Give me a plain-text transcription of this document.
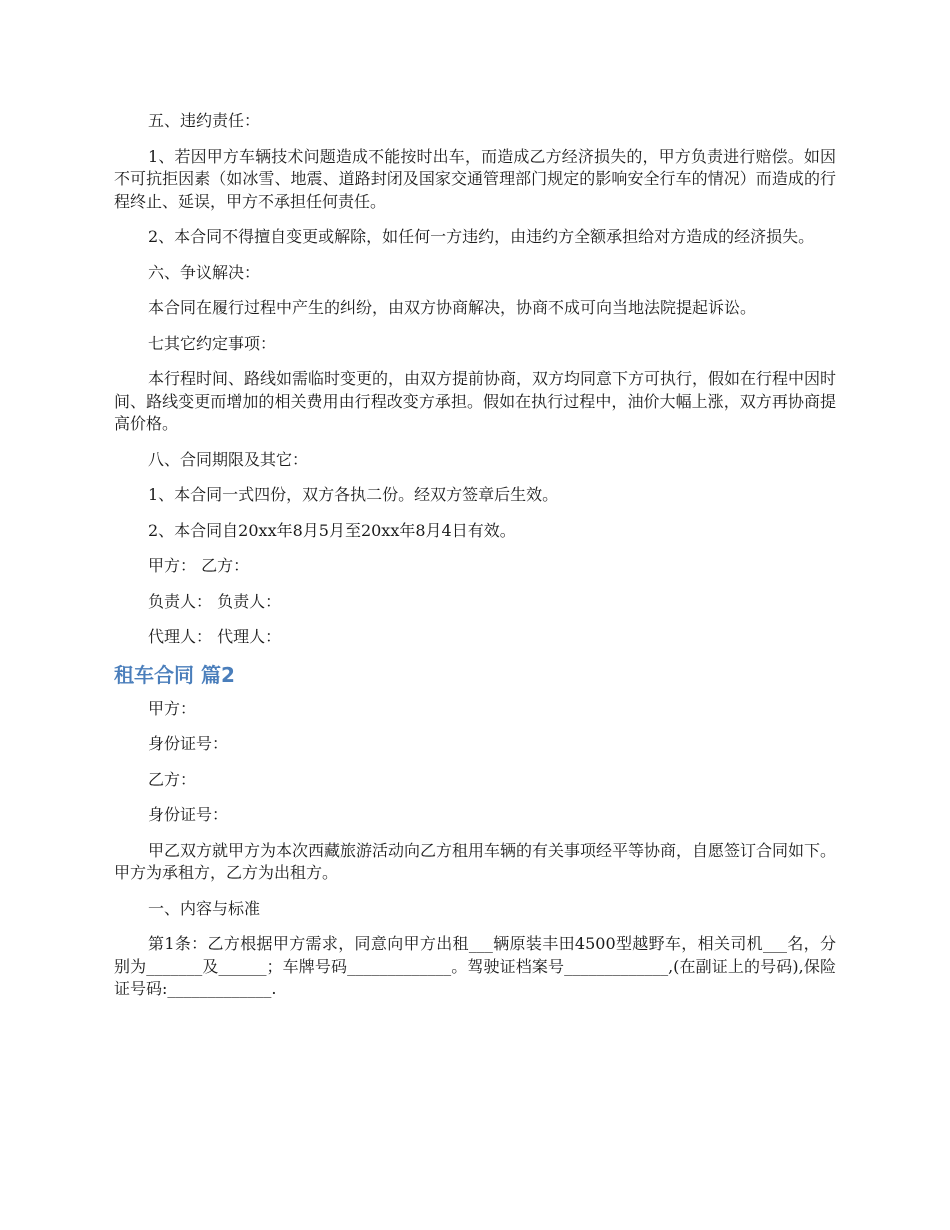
五、违约责任：

1、若因甲方车辆技术问题造成不能按时出车，而造成乙方经济损失的，甲方负责进行赔偿。如因不可抗拒因素（如冰雪、地震、道路封闭及国家交通管理部门规定的影响安全行车的情况）而造成的行程终止、延误，甲方不承担任何责任。

2、本合同不得擅自变更或解除，如任何一方违约，由违约方全额承担给对方造成的经济损失。

六、争议解决：

本合同在履行过程中产生的纠纷，由双方协商解决，协商不成可向当地法院提起诉讼。

七其它约定事项：

本行程时间、路线如需临时变更的，由双方提前协商，双方均同意下方可执行，假如在行程中因时间、路线变更而增加的相关费用由行程改变方承担。假如在执行过程中，油价大幅上涨，双方再协商提高价格。

八、合同期限及其它：

1、本合同一式四份，双方各执二份。经双方签章后生效。

2、本合同自20xx年8月5月至20xx年8月4日有效。

甲方： 乙方：

负责人： 负责人：

代理人： 代理人：

租车合同 篇2

甲方：

身份证号：

乙方：

身份证号：

甲乙双方就甲方为本次西藏旅游活动向乙方租用车辆的有关事项经平等协商，自愿签订合同如下。甲方为承租方，乙方为出租方。

一、内容与标准

第1条：乙方根据甲方需求，同意向甲方出租___辆原装丰田4500型越野车，相关司机___名，分别为_______及______；车牌号码_____________。驾驶证档案号_____________,(在副证上的号码),保险证号码:_____________.
